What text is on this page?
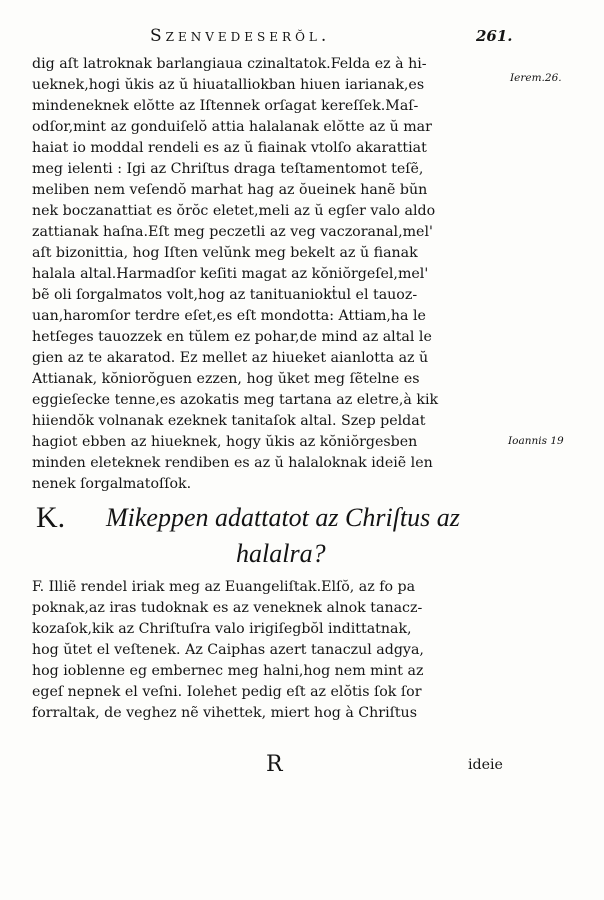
Szenvedeserŏl.	261.
dig aſt latroknak barlangiaua czinaltatok.Felda ez à hi-
ueknek,hogi ŭkis az ŭ hiuatalliokban hiuen iarianak,es
mindeneknek elŏtte az Iſtennek orſagat kereſſek.Maſ-
odſor,mint az gonduiſelŏ attia halalanak elŏtte az ŭ mar
haiat io moddal rendeli es az ŭ fiainak vtolſo akarattiat
meg ielenti : Igi az Chriſtus draga teſtamentomot teſẽ,
meliben nem veſendŏ marhat hag az ŏueinek hanẽ bŭn
nek boczanattiat es ŏrŏc eletet,meli az ŭ egſer valo aldo
zattianak haſna.Eſt meg peczetli az veg vaczoranal,mel'
aſt bizonittia, hog Iſten velŭnk meg bekelt az ŭ fianak
halala altal.Harmadſor keſiti magat az kŏniŏrgeſel,mel'
bẽ oli ſorgalmatos volt,hog az tanituaniokṫul el tauoz-
uan,haromſor terdre eſet,es eſt mondotta: Attiam,ha le
hetſeges tauozzek en tŭlem ez pohar,de mind az altal le
gien az te akaratod. Ez mellet az hiueket aianlotta az ŭ
Attianak, kŏniorŏguen ezzen, hog ŭket meg ſẽtelne es
eggieſecke tenne,es azokatis meg tartana az eletre,à kik
hiiendŏk volnanak ezeknek tanitaſok altal. Szep peldat
hagiot ebben az hiueknek, hogy ŭkis az kŏniŏrgesben
minden eleteknek rendiben es az ŭ halaloknak ideiẽ len
nenek ſorgalmatoſſok.
K. Mikeppen adattatot az Chriſtus az
halalra?
F. Illiẽ rendel iriak meg az Euangeliſtak.Elſŏ, az fo pa
poknak,az iras tudoknak es az veneknek alnok tanacz-
kozaſok,kik az Chriſtuſra valo irigiſegbŏl indittatnak,
hog ŭtet el veſtenek. Az Caiphas azert tanaczul adgya,
hog ioblenne eg embernec meg halni,hog nem mint az
egeſ nepnek el veſni. Iolehet pedig eſt az elŏtis ſok ſor
forraltak, de veghez nẽ vihettek, miert hog à Chriſtus
Ierem.26.
Ioannis 19
R	ideie
